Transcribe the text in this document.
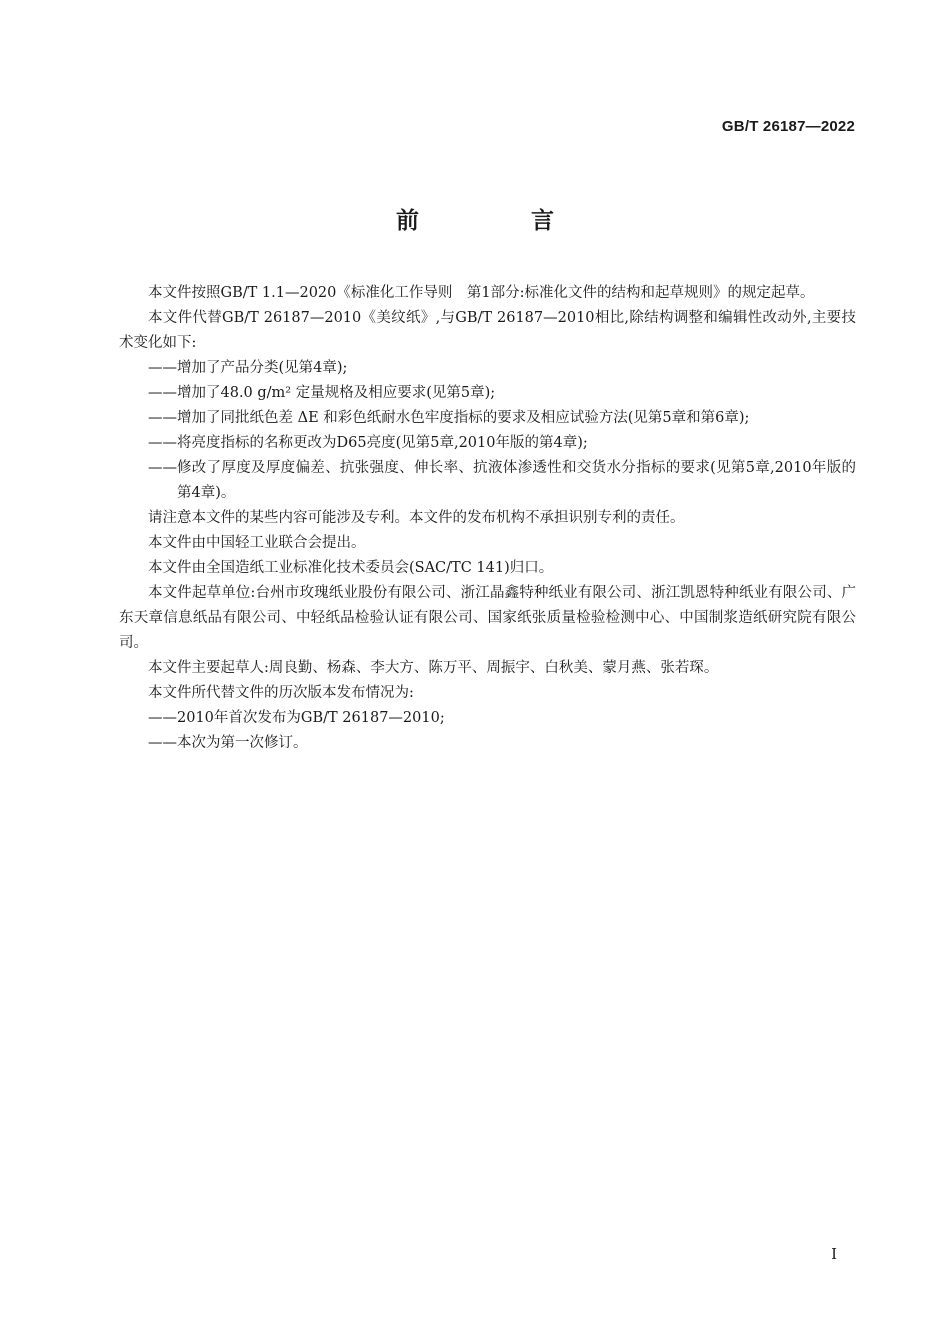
GB/T 26187—2022
前 言

本文件按照GB/T 1.1—2020《标准化工作导则　第1部分:标准化文件的结构和起草规则》的规定起草。

本文件代替GB/T 26187—2010《美纹纸》,与GB/T 26187—2010相比,除结构调整和编辑性改动外,主要技术变化如下:

—— 增加了产品分类(见第4章);
—— 增加了48.0 g/m² 定量规格及相应要求(见第5章);
—— 增加了同批纸色差 ΔE 和彩色纸耐水色牢度指标的要求及相应试验方法(见第5章和第6章);
—— 将亮度指标的名称更改为D65亮度(见第5章,2010年版的第4章);
—— 修改了厚度及厚度偏差、抗张强度、伸长率、抗液体渗透性和交货水分指标的要求(见第5章,2010年版的第4章)。

请注意本文件的某些内容可能涉及专利。本文件的发布机构不承担识别专利的责任。

本文件由中国轻工业联合会提出。

本文件由全国造纸工业标准化技术委员会(SAC/TC 141)归口。

本文件起草单位:台州市玫瑰纸业股份有限公司、浙江晶鑫特种纸业有限公司、浙江凯恩特种纸业有限公司、广东天章信息纸品有限公司、中轻纸品检验认证有限公司、国家纸张质量检验检测中心、中国制浆造纸研究院有限公司。

本文件主要起草人:周良勤、杨森、李大方、陈万平、周振宇、白秋美、蒙月燕、张若琛。

本文件所代替文件的历次版本发布情况为:

—— 2010年首次发布为GB/T 26187—2010;
—— 本次为第一次修订。
I
